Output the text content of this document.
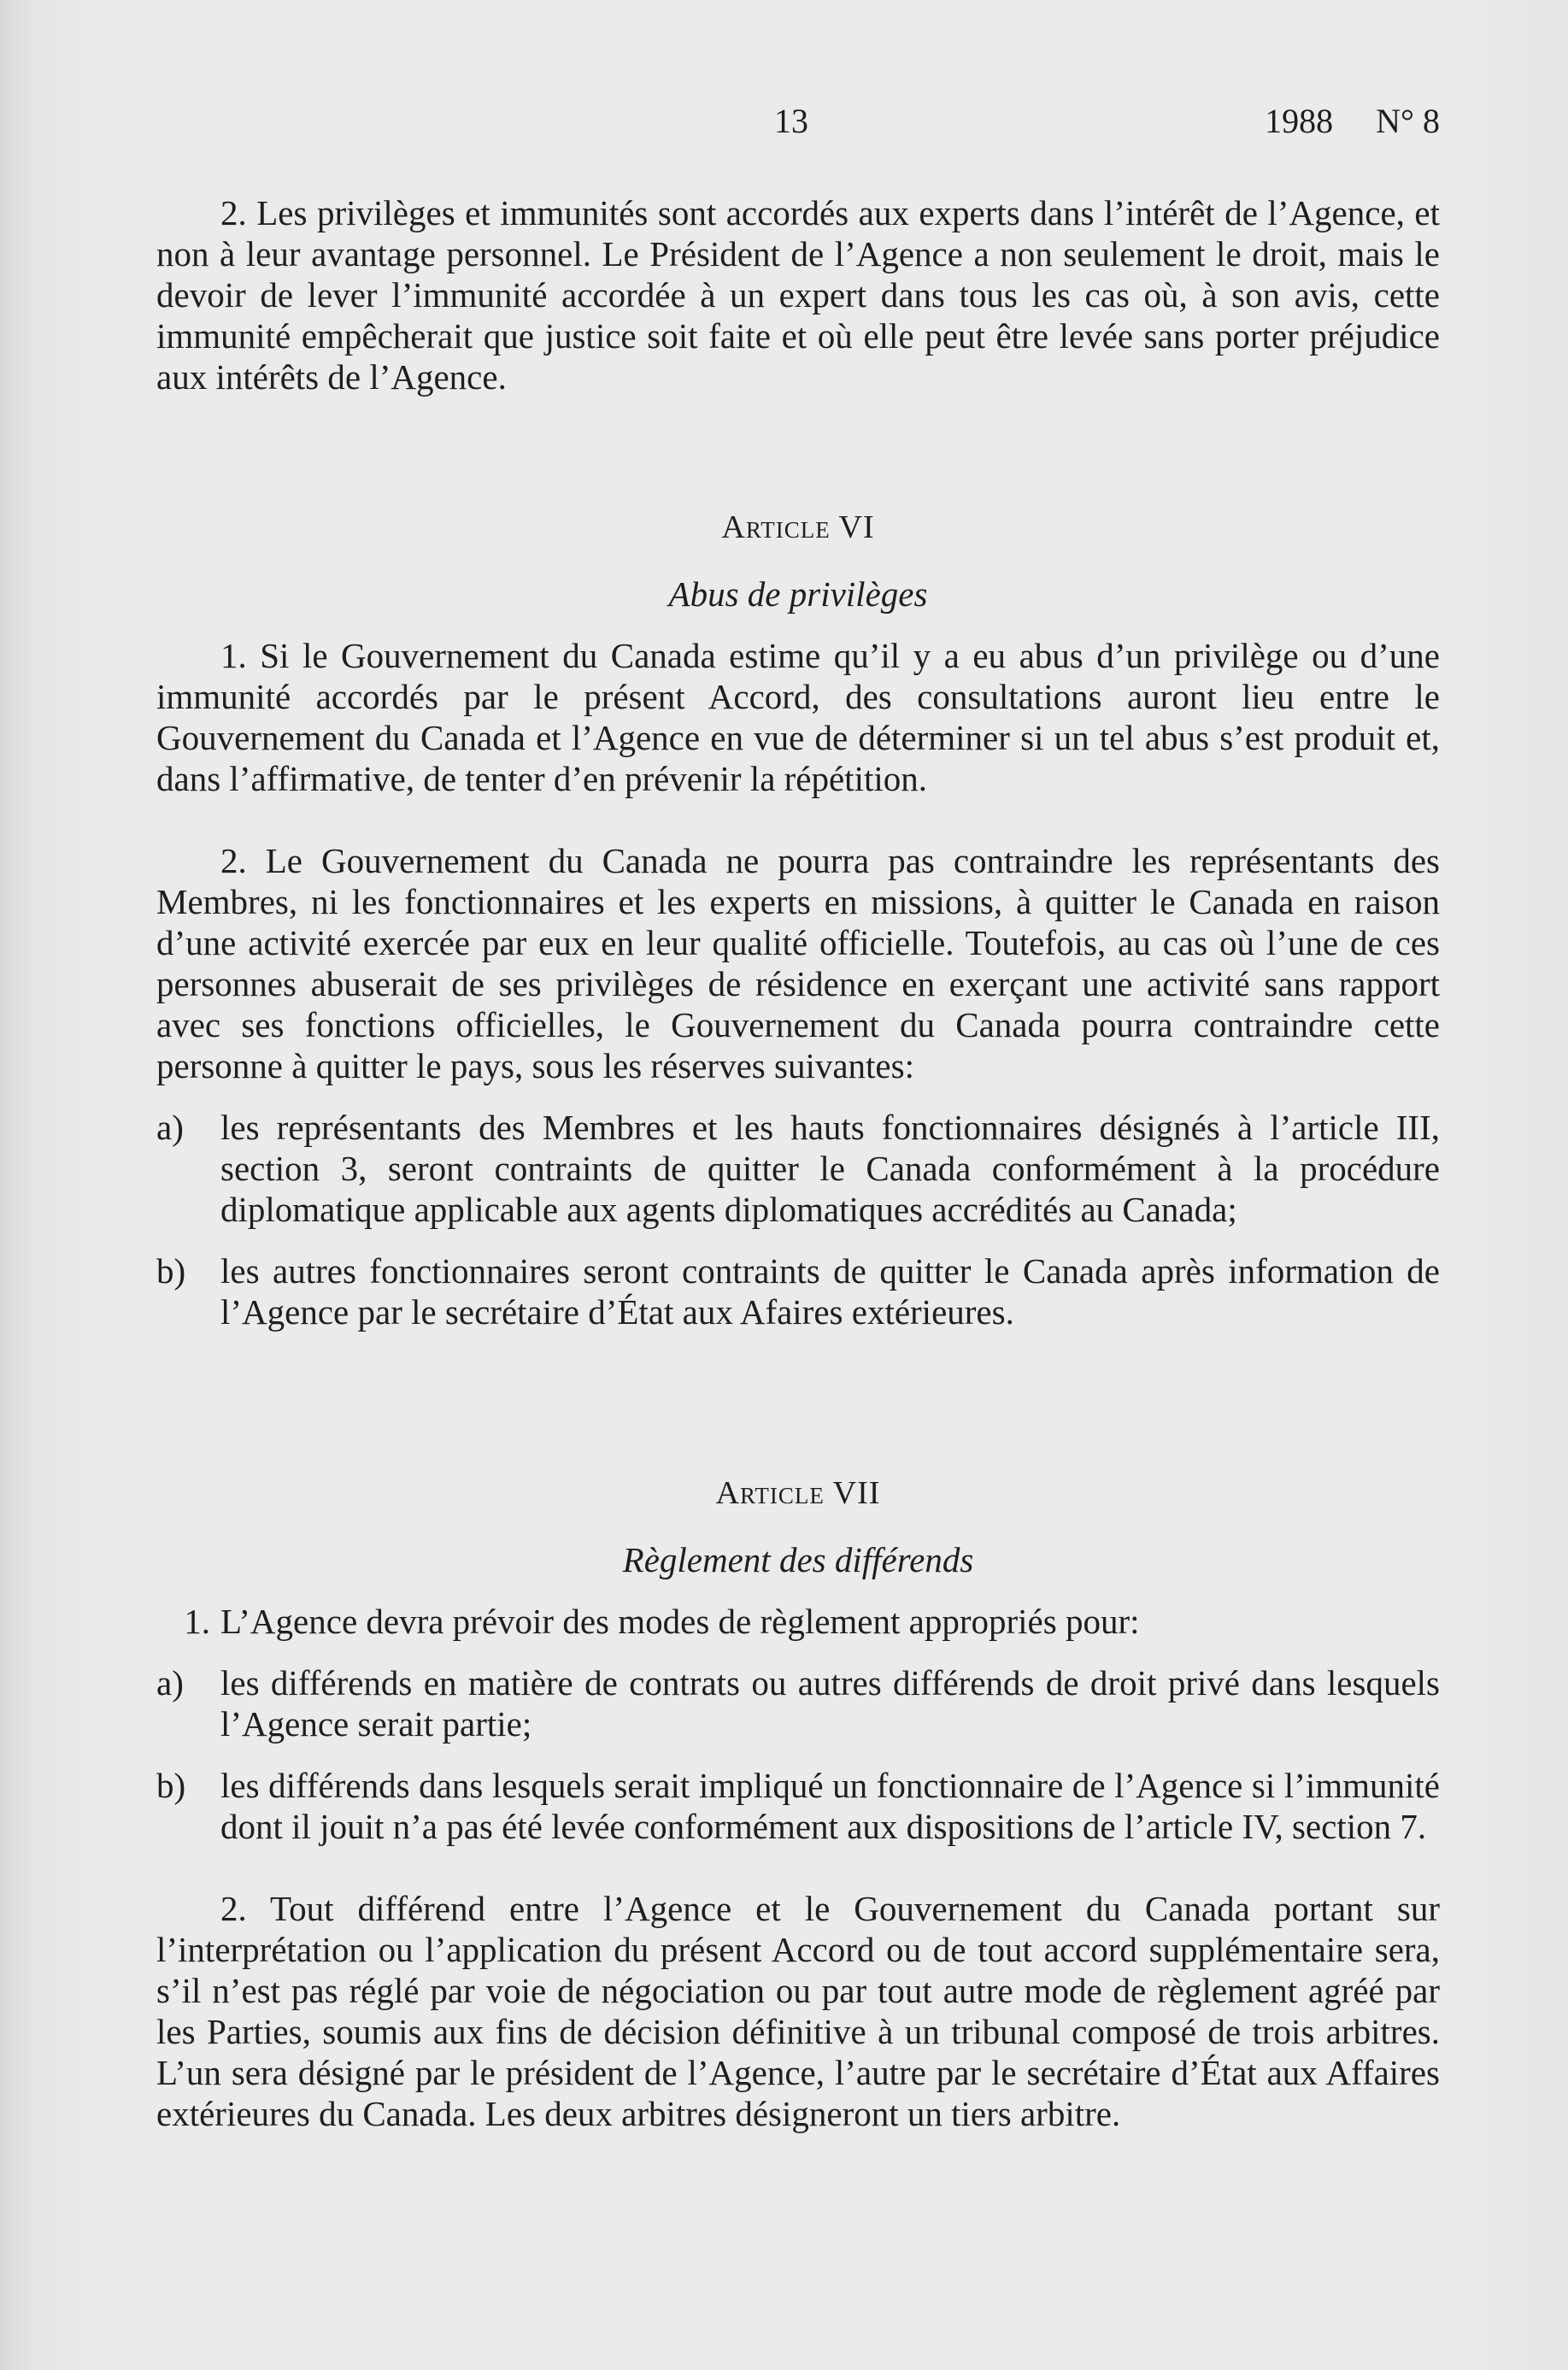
13	1988 N° 8

2. Les privilèges et immunités sont accordés aux experts dans l’intérêt de l’Agence, et non à leur avantage personnel. Le Président de l’Agence a non seulement le droit, mais le devoir de lever l’immunité accordée à un expert dans tous les cas où, à son avis, cette immunité empêcherait que justice soit faite et où elle peut être levée sans porter préjudice aux intérêts de l’Agence.

Article VI
Abus de privilèges

1. Si le Gouvernement du Canada estime qu’il y a eu abus d’un privilège ou d’une immunité accordés par le présent Accord, des consultations auront lieu entre le Gouvernement du Canada et l’Agence en vue de déterminer si un tel abus s’est produit et, dans l’affirmative, de tenter d’en prévenir la répétition.

2. Le Gouvernement du Canada ne pourra pas contraindre les représentants des Membres, ni les fonctionnaires et les experts en missions, à quitter le Canada en raison d’une activité exercée par eux en leur qualité officielle. Toutefois, au cas où l’une de ces personnes abuserait de ses privilèges de résidence en exerçant une activité sans rapport avec ses fonctions officielles, le Gouvernement du Canada pourra contraindre cette personne à quitter le pays, sous les réserves suivantes:

a)	les représentants des Membres et les hauts fonctionnaires désignés à l’article III, section 3, seront contraints de quitter le Canada conformément à la procédure diplomatique applicable aux agents diplomatiques accrédités au Canada;
b) les autres fonctionnaires seront contraints de quitter le Canada après information de l’Agence par le secrétaire d’État aux Afaires extérieures.
Article VII
Règlement des différends
1. L’Agence devra prévoir des modes de règlement appropriés pour:
a)	les différends en matière de contrats ou autres différends de droit privé dans lesquels l’Agence serait partie;
b) les différends dans lesquels serait impliqué un fonctionnaire de l’Agence si l’immunité dont il jouit n’a pas été levée conformément aux dispositions de l’article IV, section 7.

2. Tout différend entre l’Agence et le Gouvernement du Canada portant sur l’interprétation ou l’application du présent Accord ou de tout accord supplémentaire sera, s’il n’est pas réglé par voie de négociation ou par tout autre mode de règlement agréé par les Parties, soumis aux fins de décision définitive à un tribunal composé de trois arbitres. L’un sera désigné par le président de l’Agence, l’autre par le secrétaire d’État aux Affaires extérieures du Canada. Les deux arbitres désigneront un tiers arbitre.
